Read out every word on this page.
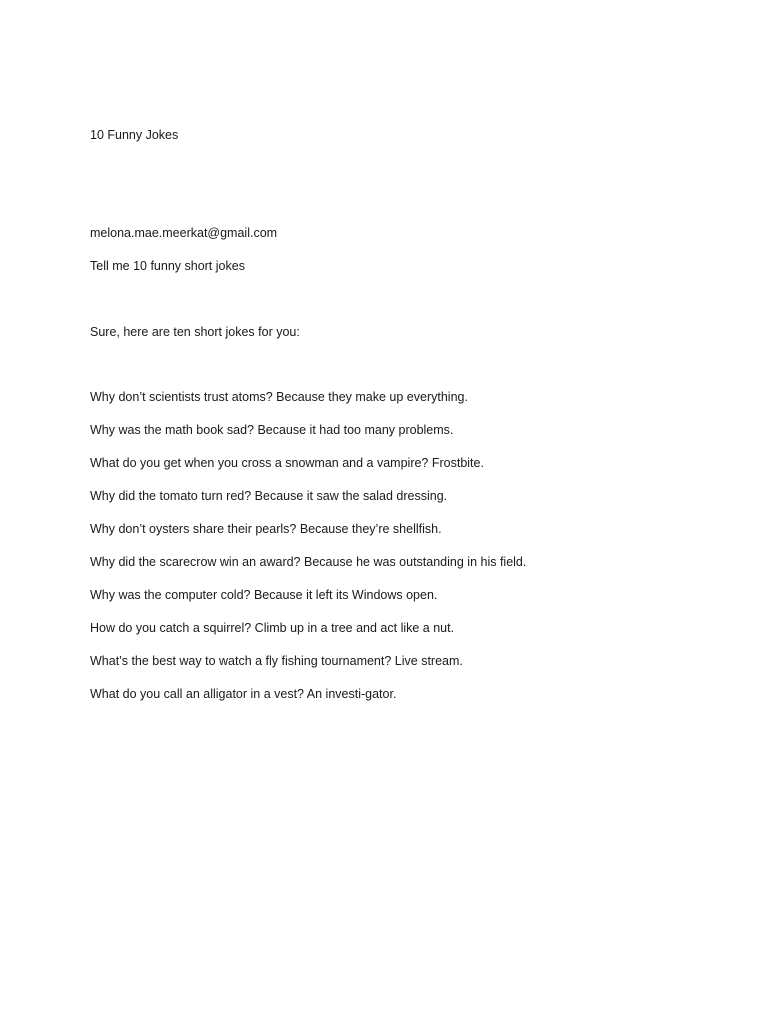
10 Funny Jokes
melona.mae.meerkat@gmail.com
Tell me 10 funny short jokes
Sure, here are ten short jokes for you:
Why don’t scientists trust atoms? Because they make up everything.
Why was the math book sad? Because it had too many problems.
What do you get when you cross a snowman and a vampire? Frostbite.
Why did the tomato turn red? Because it saw the salad dressing.
Why don’t oysters share their pearls? Because they’re shellfish.
Why did the scarecrow win an award? Because he was outstanding in his field.
Why was the computer cold? Because it left its Windows open.
How do you catch a squirrel? Climb up in a tree and act like a nut.
What’s the best way to watch a fly fishing tournament? Live stream.
What do you call an alligator in a vest? An investi-gator.
